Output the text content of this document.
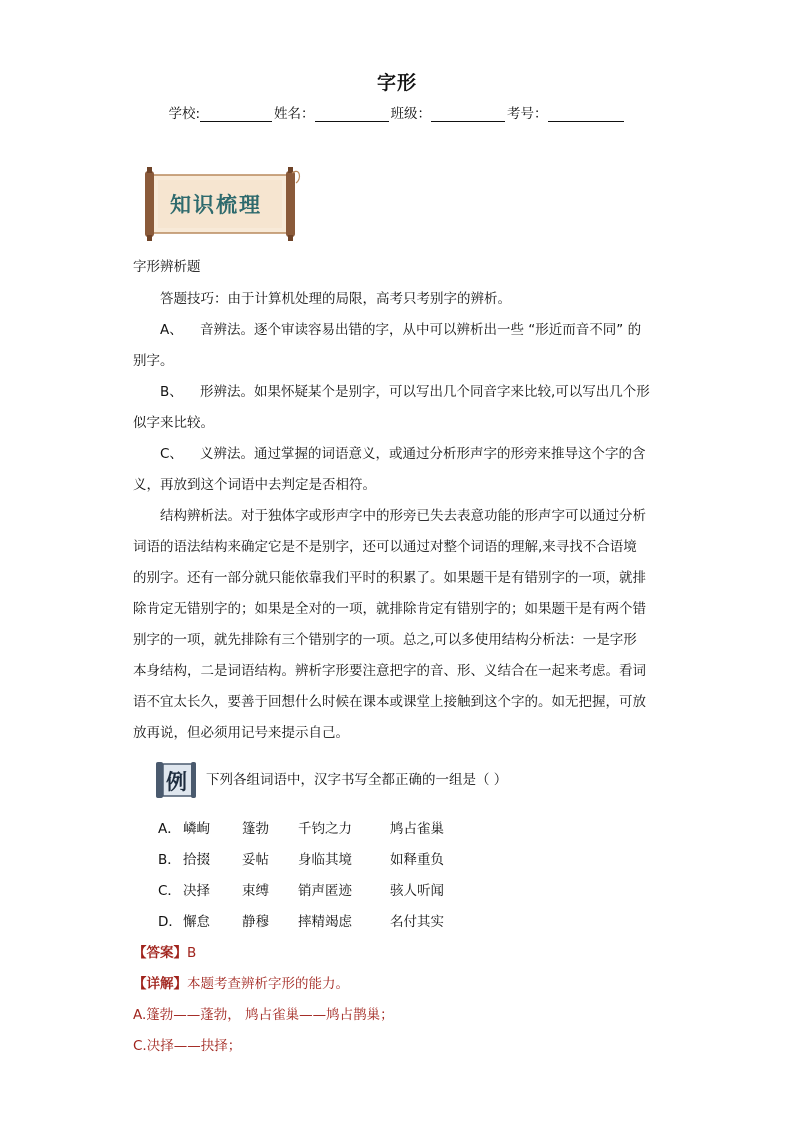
字形
学校:	姓名：	班级：	考号：
知识梳理
字形辨析题

答题技巧：由于计算机处理的局限，高考只考别字的辨析。

A、 音辨法。逐个审读容易出错的字，从中可以辨析出一些 “形近而音不同” 的
别字。
B、 形辨法。如果怀疑某个是别字，可以写出几个同音字来比较,可以写出几个形
似字来比较。
C、 义辨法。通过掌握的词语意义，或通过分析形声字的形旁来推导这个字的含
义，再放到这个词语中去判定是否相符。
结构辨析法。对于独体字或形声字中的形旁已失去表意功能的形声字可以通过分析
词语的语法结构来确定它是不是别字，还可以通过对整个词语的理解,来寻找不合语境
的别字。还有一部分就只能依靠我们平时的积累了。如果题干是有错别字的一项，就排
除肯定无错别字的；如果是全对的一项，就排除肯定有错别字的；如果题干是有两个错
别字的一项，就先排除有三个错别字的一项。总之,可以多使用结构分析法：一是字形
本身结构，二是词语结构。辨析字形要注意把字的音、形、义结合在一起来考虑。看词
语不宜太长久，要善于回想什么时候在课本或课堂上接触到这个字的。如无把握，可放
放再说，但必须用记号来提示自己。
例 下列各组词语中，汉字书写全都正确的一组是（ ）
A． 嶙峋 篷勃 千钧之力	鸠占雀巢
B． 拾掇 妥帖 身临其境	如释重负
C． 决择 束缚 销声匿迹	骇人听闻
D． 懈怠 静穆 摔精竭虑	名付其实
【答案】B
【详解】本题考查辨析字形的能力。
A.篷勃——蓬勃， 鸠占雀巢——鸠占鹊巢；
C.决择——抉择；
